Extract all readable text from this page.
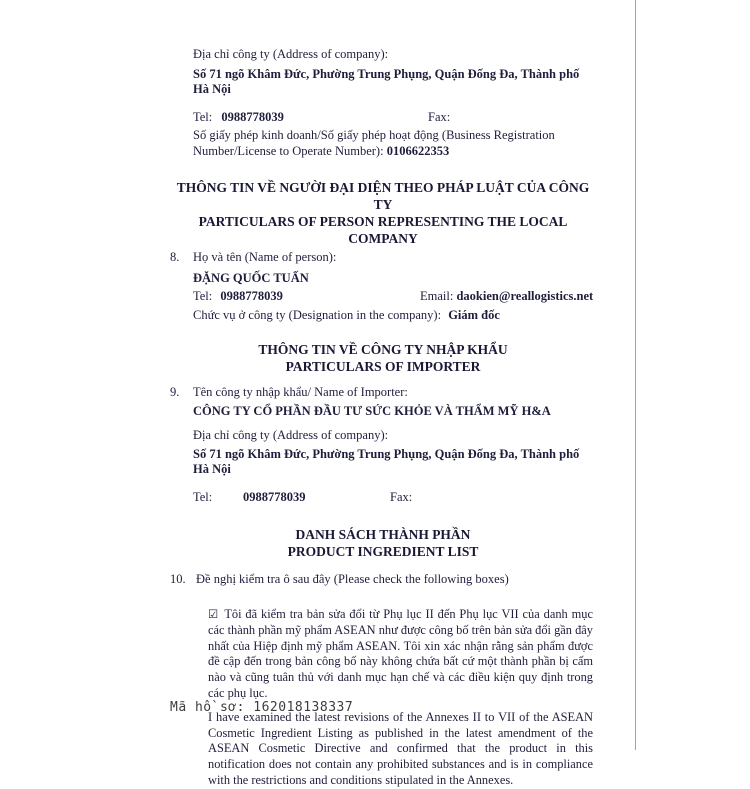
Địa chỉ công ty (Address of company):
Số 71 ngõ Khâm Đức, Phường Trung Phụng, Quận Đống Đa, Thành phố Hà Nội
Tel: 0988778039	Fax:
Số giấy phép kinh doanh/Số giấy phép hoạt động (Business Registration Number/License to Operate Number): 0106622353
THÔNG TIN VỀ NGƯỜI ĐẠI DIỆN THEO PHÁP LUẬT CỦA CÔNG TY
PARTICULARS OF PERSON REPRESENTING THE LOCAL COMPANY
8.	Họ và tên (Name of person):
ĐẶNG QUỐC TUẤN
Tel: 0988778039	Email: daokien@reallogistics.net
Chức vụ ở công ty (Designation in the company): Giám đốc
THÔNG TIN VỀ CÔNG TY NHẬP KHẨU
PARTICULARS OF IMPORTER
9.	Tên công ty nhập khẩu/ Name of Importer:
CÔNG TY CỔ PHẦN ĐẦU TƯ SỨC KHỎE VÀ THẨM MỸ H&A
Địa chỉ công ty (Address of company):
Số 71 ngõ Khâm Đức, Phường Trung Phụng, Quận Đống Đa, Thành phố Hà Nội
Tel: 0988778039	Fax:
DANH SÁCH THÀNH PHẦN
PRODUCT INGREDIENT LIST
10. Đề nghị kiểm tra ô sau đây (Please check the following boxes)
☑ Tôi đã kiểm tra bản sửa đổi từ Phụ lục II đến Phụ lục VII của danh mục các thành phần mỹ phẩm ASEAN như được công bố trên bản sửa đổi gần đây nhất của Hiệp định mỹ phẩm ASEAN. Tôi xin xác nhận rằng sản phẩm được đề cập đến trong bản công bố này không chứa bất cứ một thành phần bị cấm nào và cũng tuân thủ với danh mục hạn chế và các điều kiện quy định trong các phụ lục.
I have examined the latest revisions of the Annexes II to VII of the ASEAN Cosmetic Ingredient Listing as published in the latest amendment of the ASEAN Cosmetic Directive and confirmed that the product in this notification does not contain any prohibited substances and is in compliance with the restrictions and conditions stipulated in the Annexes.
Mã hồ sơ: 162018138337
